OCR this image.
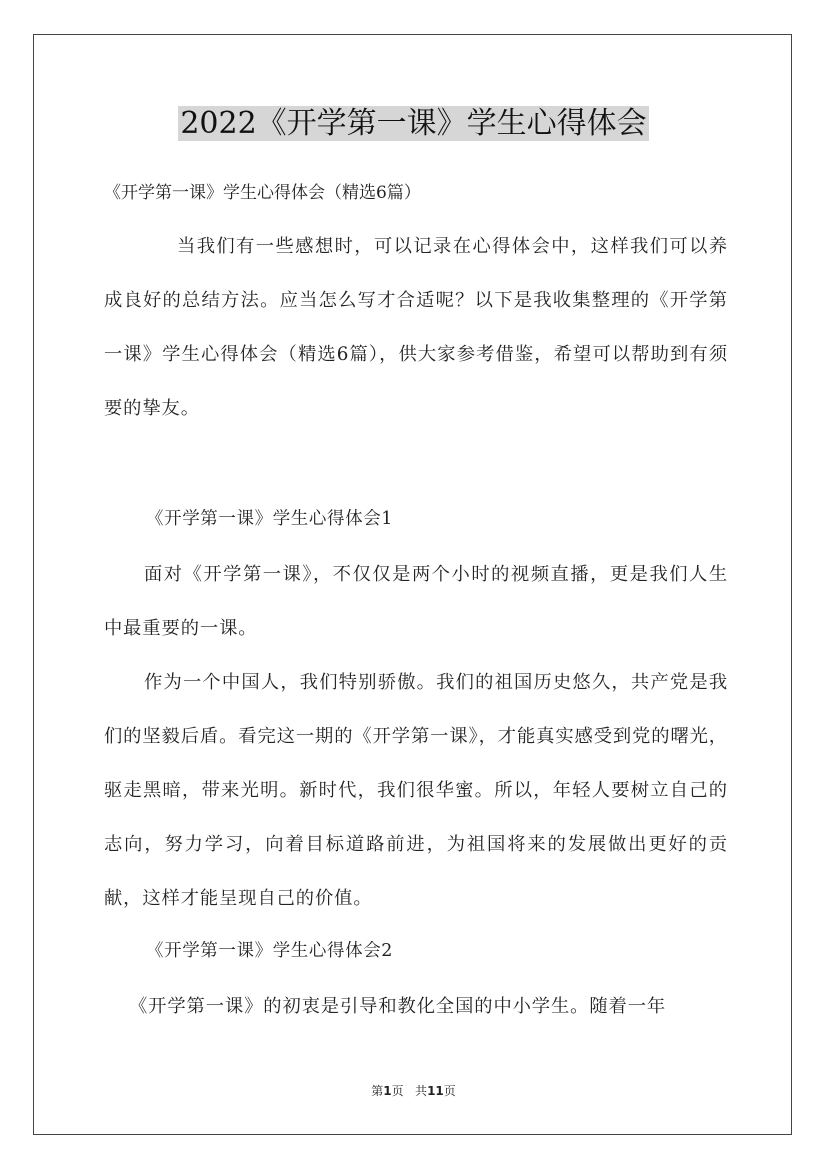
2022《开学第一课》学生心得体会
《开学第一课》学生心得体会（精选6篇）

当我们有一些感想时，可以记录在心得体会中，这样我们可以养成良好的总结方法。应当怎么写才合适呢？以下是我收集整理的《开学第一课》学生心得体会（精选6篇），供大家参考借鉴，希望可以帮助到有须要的挚友。

《开学第一课》学生心得体会1

面对《开学第一课》，不仅仅是两个小时的视频直播，更是我们人生中最重要的一课。

作为一个中国人，我们特别骄傲。我们的祖国历史悠久，共产党是我们的坚毅后盾。看完这一期的《开学第一课》，才能真实感受到党的曙光，驱走黑暗，带来光明。新时代，我们很华蜜。所以，年轻人要树立自己的志向，努力学习，向着目标道路前进，为祖国将来的发展做出更好的贡献，这样才能呈现自己的价值。

《开学第一课》学生心得体会2

《开学第一课》的初衷是引导和教化全国的中小学生。随着一年

第1页 共11页
